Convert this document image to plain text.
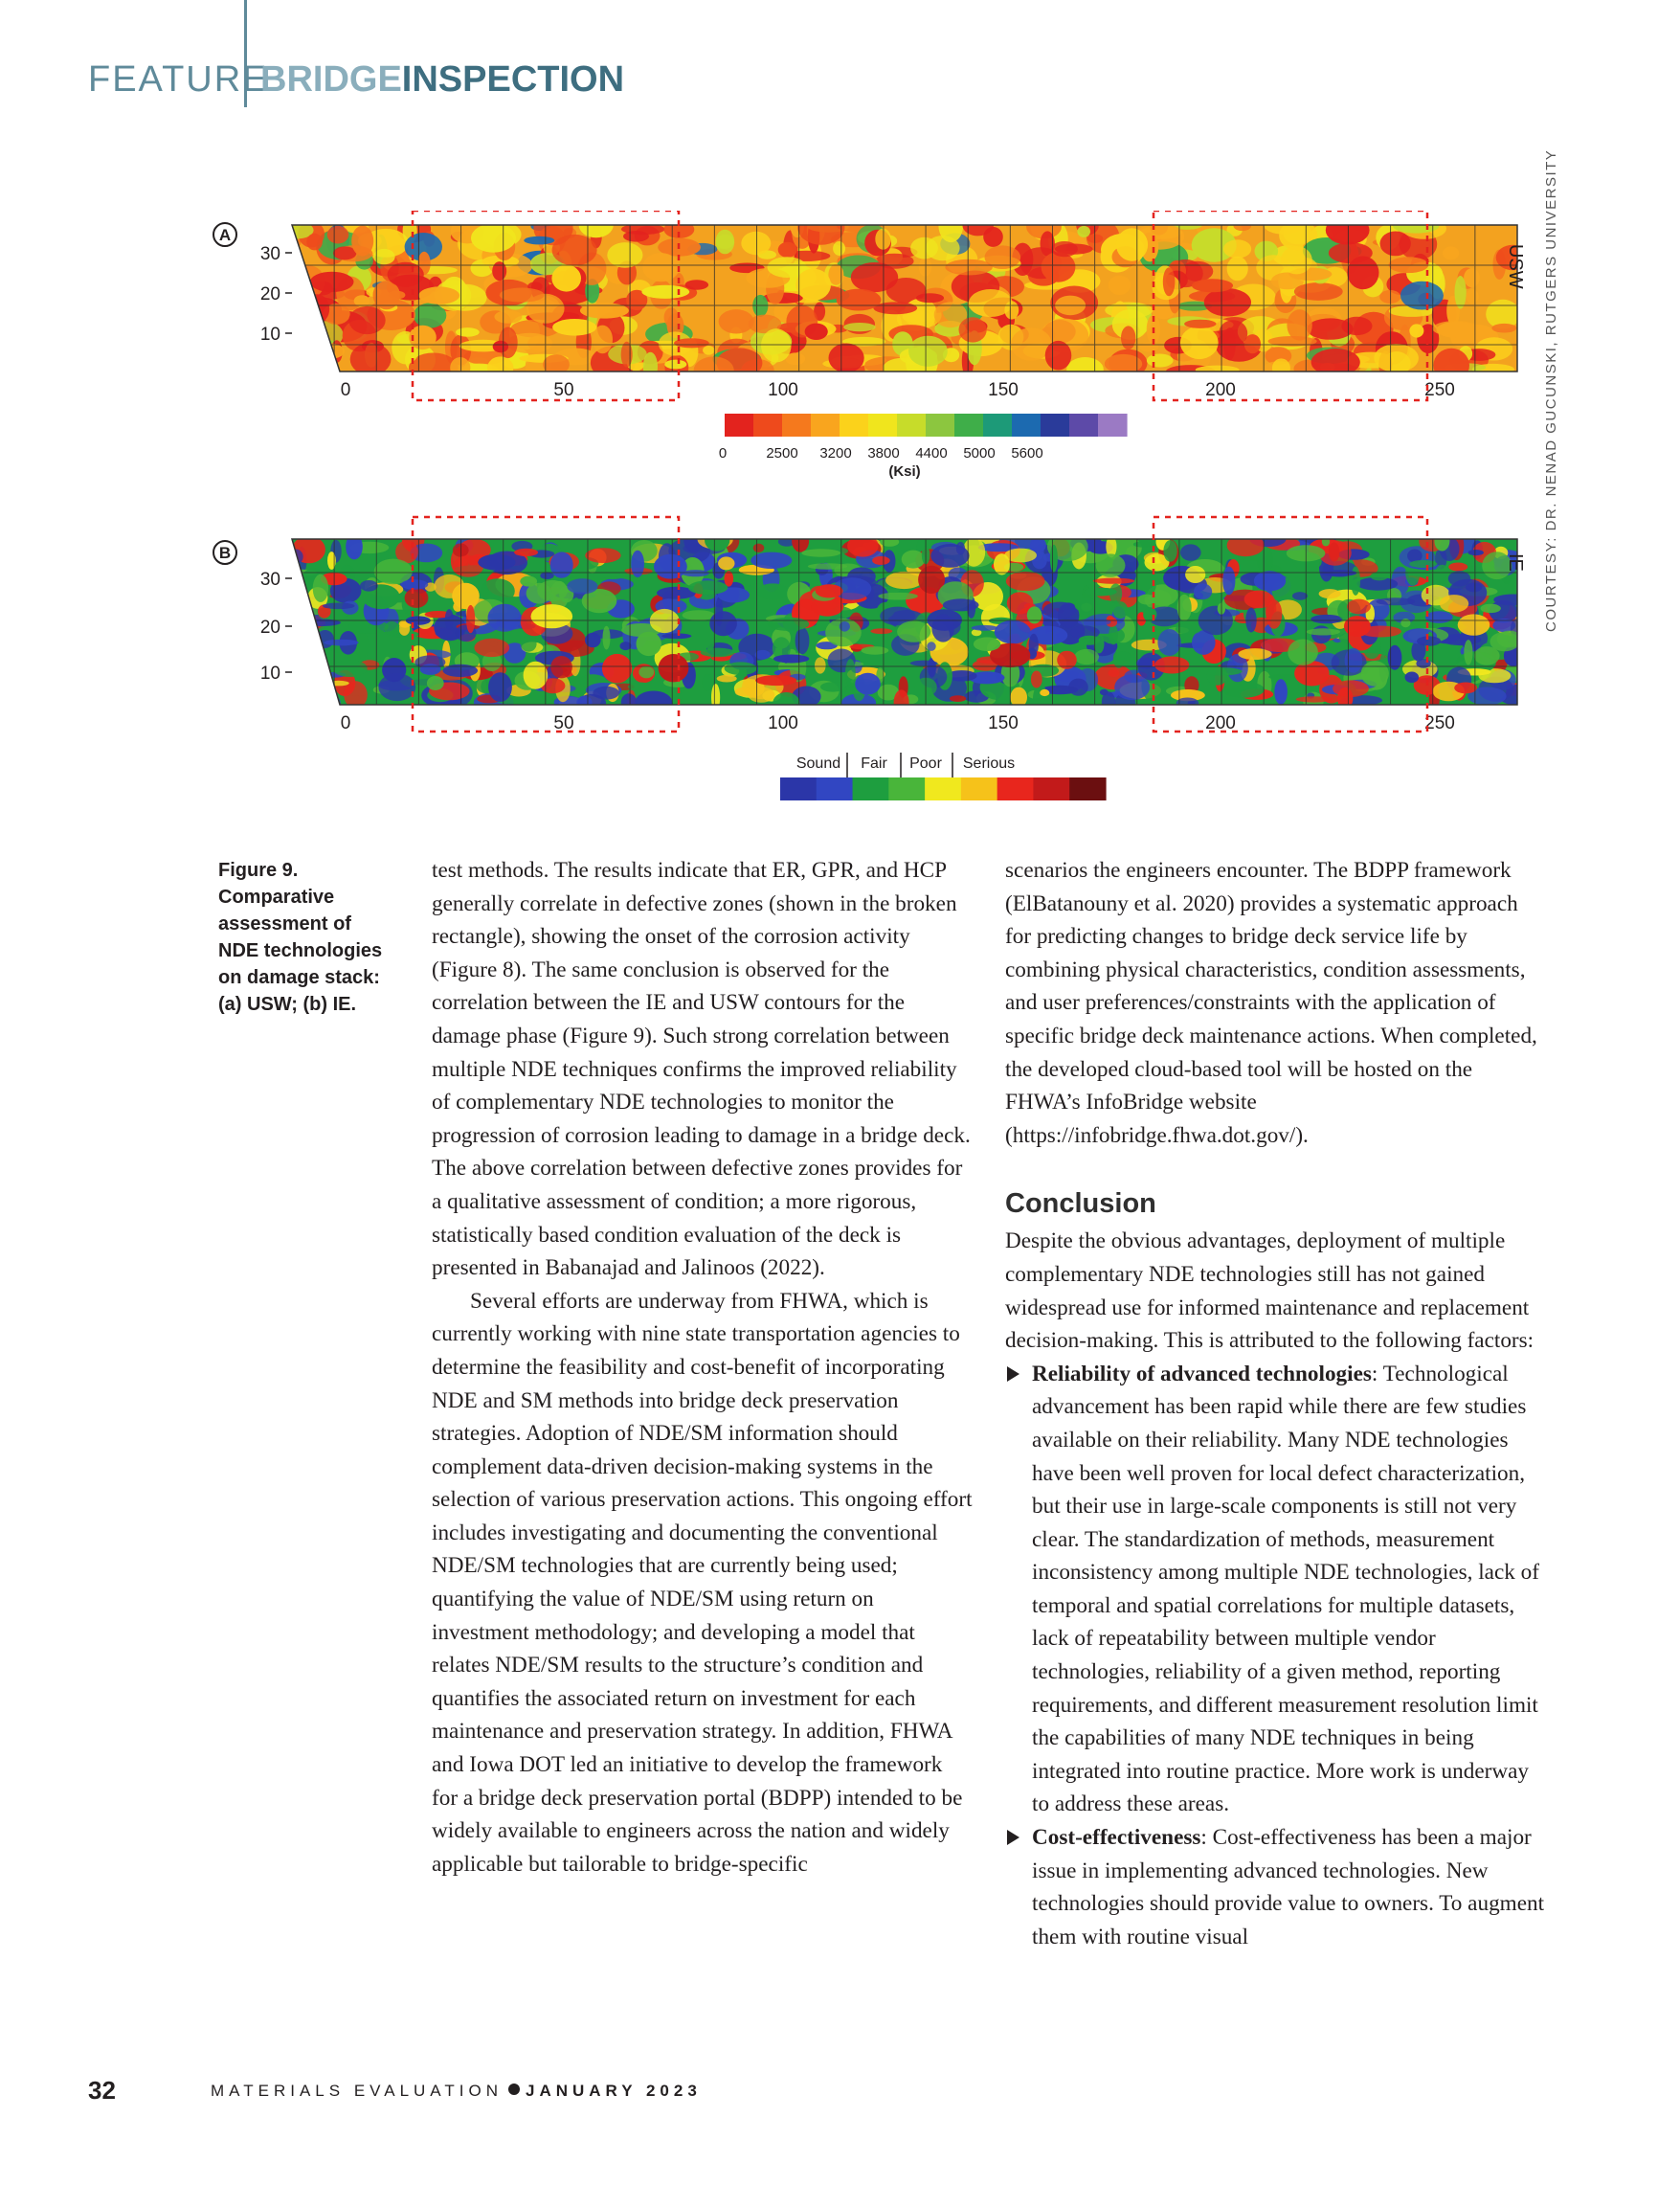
FEATURE
BRIDGEINSPECTION
COURTESY: DR. NENAD GUCUNSKI, RUTGERS UNIVERSITY
A
USW
30
20
10
0	50	100	150	200	250
0	2500 3200 3800 4400 5000 5600
(Ksi)
B
IE
30
20
10
0	50	100	150	200	250
Sound Fair Poor Serious
Figure 9. Comparative assessment of NDE technologies on damage stack: (a) USW; (b) IE.

test methods. The results indicate that ER, GPR, and HCP generally correlate in defective zones (shown in the broken rectangle), showing the onset of the corrosion activity (Figure 8). The same conclusion is observed for the correlation between the IE and USW contours for the damage phase (Figure 9). Such strong correlation between multiple NDE techniques confirms the improved reliability of complementary NDE technologies to monitor the progression of corrosion leading to damage in a bridge deck. The above correlation between defective zones provides for a qualitative assessment of condition; a more rigorous, statistically based condition evaluation of the deck is presented in Babanajad and Jalinoos (2022).

Several efforts are underway from FHWA, which is currently working with nine state transportation agencies to determine the feasibility and cost-benefit of incorporating NDE and SM methods into bridge deck preservation strategies. Adoption of NDE/SM information should complement data-driven decision-making systems in the selection of various preservation actions. This ongoing effort includes investigating and documenting the conventional NDE/SM technologies that are currently being used; quantifying the value of NDE/SM using return on investment methodology; and developing a model that relates NDE/SM results to the structure’s condition and quantifies the associated return on investment for each maintenance and preservation strategy. In addition, FHWA and Iowa DOT led an initiative to develop the framework for a bridge deck preservation portal (BDPP) intended to be widely available to engineers across the nation and widely applicable but tailorable to bridge-specific

scenarios the engineers encounter. The BDPP framework (ElBatanouny et al. 2020) provides a systematic approach for predicting changes to bridge deck service life by combining physical characteristics, condition assessments, and user preferences/constraints with the application of specific bridge deck maintenance actions. When completed, the developed cloud-based tool will be hosted on the FHWA’s InfoBridge website (https://infobridge.fhwa.dot.gov/).

Conclusion

Despite the obvious advantages, deployment of multiple complementary NDE technologies still has not gained widespread use for informed maintenance and replacement decision-making. This is attributed to the following factors:

Reliability of advanced technologies: Technological advancement has been rapid while there are few studies available on their reliability. Many NDE technologies have been well proven for local defect characterization, but their use in large-scale components is still not very clear. The standardization of methods, measurement inconsistency among multiple NDE technologies, lack of temporal and spatial correlations for multiple datasets, lack of repeatability between multiple vendor technologies, reliability of a given method, reporting requirements, and different measurement resolution limit the capabilities of many NDE techniques in being integrated into routine practice. More work is underway to address these areas.

Cost-effectiveness: Cost-effectiveness has been a major issue in implementing advanced technologies. New technologies should provide value to owners. To augment them with routine visual

32	MATERIALS EVALUATION JANUARY 2023
